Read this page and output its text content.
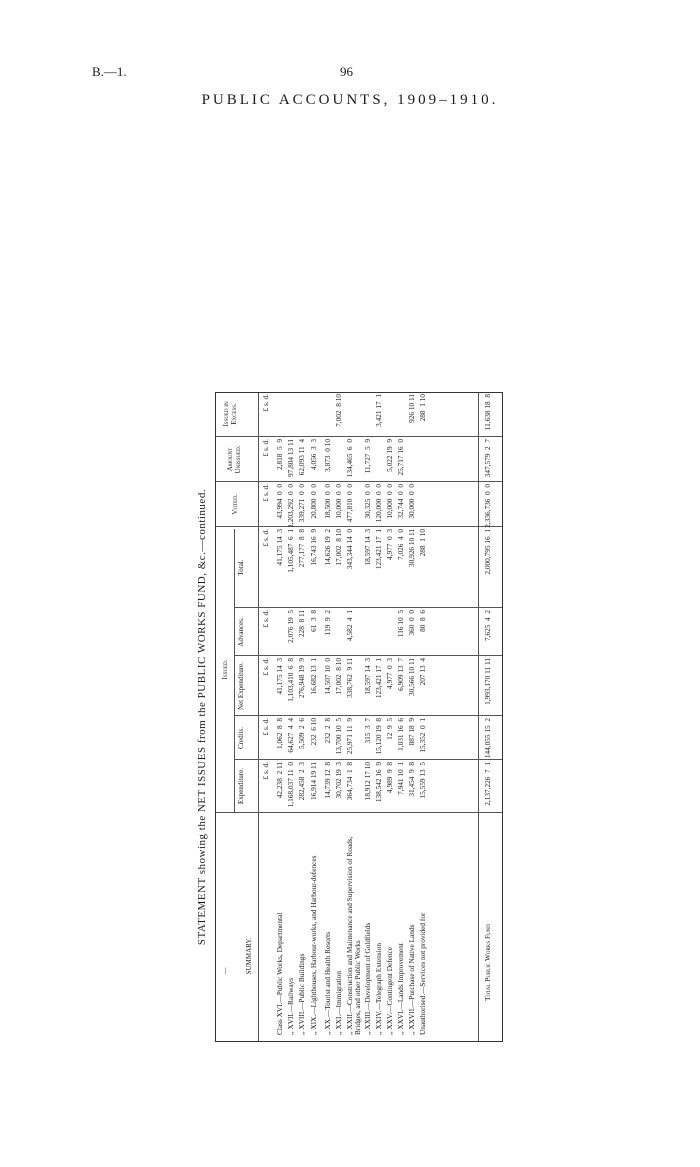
B.—1.	96
PUBLIC ACCOUNTS, 1909–1910.
STATEMENT showing the NET ISSUES from the PUBLIC WORKS FUND, &c.—continued.
— SUMMARY.
Issued.
Expenditure.
Credits.
Net Expenditure.
Advances.
Total.
Voted.
Amount Unissued.
Issued in Excess.
£ s. d.
£ s. d.
£ s. d.
£ s. d.
£ s. d.
£ s. d.
£ s. d.
£ s. d.
Class XVI.—Public Works, Departmental
42,238  2 11
1,062  8  8
41,175 14  3
41,175 14  3
43,994  0  0
2,818  5  9
,, XVII.—Railways
1,168,037 11  0
64,627  4  4
1,103,410  6  8
2,076 19  5
1,105,487  6  1
1,203,292  0  0
97,804 13 11
,, XVIII.—Public Buildings
282,458  2  3
5,509  2  6
276,948 19  9
228  8 11
277,177  8  8
339,271  0  0
62,093 11  4
,, XIX.—Lighthouses, Harbour-works, and Harbour-defences
16,914 19 11
232  6 10
16,682 13  1
61  3  8
16,743 16  9
20,800  0  0
4,056  3  3
,, XX.—Tourist and Health Resorts
14,739 12  8
232  2  8
14,507 10  0
119  9  2
14,626 19  2
18,500  0  0
3,873  0 10
,, XXI.—Immigration
30,702 19  3
13,700 10  5
17,002  8 10
17,002  8 10
10,000  0  0
7,002  8 10
,, XXII.—Construction and Maintenance and Supervision of Roads, Bridges, and other Public Works
364,734  1  8
25,971 11  9
338,762  9 11
4,582  4  1
343,344 14  0
477,810  0  0
134,465  6  0
,, XXIII.—Development of Goldfields
18,912 17 10
315  3  7
18,597 14  3
18,597 14  3
30,325  0  0
11,727  5  9
,, XXIV.—Telegraph Extension
138,542 16  9
15,120 19  8
123,421 17  1
123,421 17  1
120,000  0  0
3,421 17  1
,, XXV.—Contingent Defence
4,989  9  8
12  9  5
4,977  0  3
4,977  0  3
10,000  0  0
5,022 19  9
,, XXVI.—Lands Improvement
7,941 10  1
1,031 16  6
6,909 13  7
116 10  5
7,026  4  0
32,744  0  0
25,717 16  0
,, XXVII.—Purchase of Native Lands
31,454  9  8
887 18  9
30,566 10 11
360  0  0
30,926 10 11
30,000  0  0
926 10 11
Unauthorised.—Services not provided for
15,559 13  5
15,352  0  1
207 13  4
80  8  6
288  1 10
288  1 10
Total Public Works Fund
2,137,226  7  1
144,055 15  2
1,993,170 11 11
7,625  4  2
2,000,795 16  1
2,336,736  0  0
347,579  2  7
11,638 18  8
